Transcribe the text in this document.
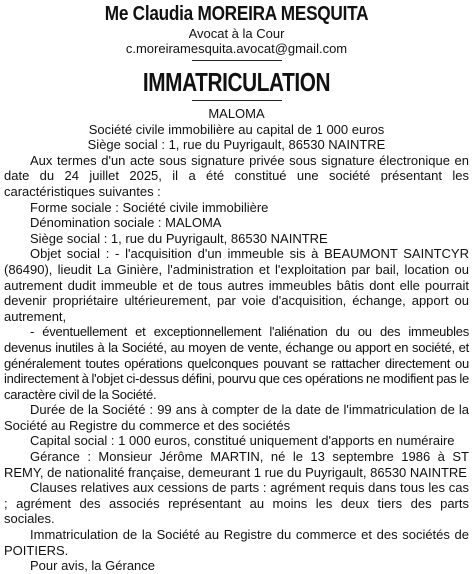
Me Claudia MOREIRA MESQUITA
Avocat à la Cour
c.moreiramesquita.avocat@gmail.com
IMMATRICULATION
MALOMA
Société civile immobilière au capital de 1 000 euros
Siège social : 1, rue du Puyrigault, 86530 NAINTRE

Aux termes d'un acte sous signature privée sous signature électronique en date du 24 juillet 2025, il a été constitué une société présentant les caractéristiques suivantes :

Forme sociale : Société civile immobilière

Dénomination sociale : MALOMA

Siège social : 1, rue du Puyrigault, 86530 NAINTRE

Objet social : - l'acquisition d'un immeuble sis à BEAUMONT SAINTCYR (86490), lieudit La Ginière, l'administration et l'exploitation par bail, location ou autrement dudit immeuble et de tous autres immeubles bâtis dont elle pourrait devenir propriétaire ultérieurement, par voie d'acquisition, échange, apport ou autrement,

- éventuellement et exceptionnellement l'aliénation du ou des immeubles devenus inutiles à la Société, au moyen de vente, échange ou apport en société, et généralement toutes opérations quelconques pouvant se rattacher directement ou indirectement à l'objet ci-dessus défini, pourvu que ces opérations ne modifient pas le caractère civil de la Société.

Durée de la Société : 99 ans à compter de la date de l'immatriculation de la Société au Registre du commerce et des sociétés

Capital social : 1 000 euros, constitué uniquement d'apports en numéraire

Gérance : Monsieur Jérôme MARTIN, né le 13 septembre 1986 à ST REMY, de nationalité française, demeurant 1 rue du Puyrigault, 86530 NAINTRE

Clauses relatives aux cessions de parts : agrément requis dans tous les cas ; agrément des associés représentant au moins les deux tiers des parts sociales.

Immatriculation de la Société au Registre du commerce et des sociétés de POITIERS.

Pour avis, la Gérance
